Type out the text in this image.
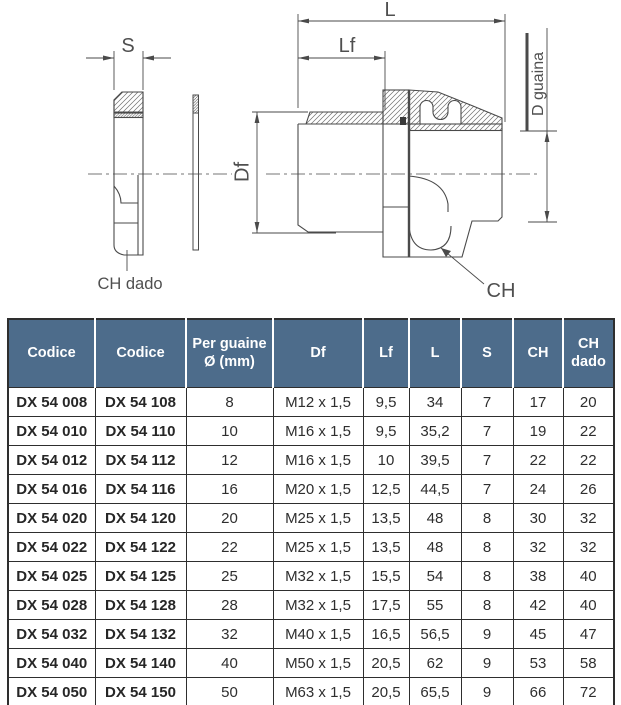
S
L
Lf
Df
D guaina
CH
CH dado
Codice	Codice	Per guaine Ø (mm)	Df	Lf	L	S	CH	CH dado
DX 54 008	DX 54 108	8	M12 x 1,5	9,5	34	7	17	20
DX 54 010	DX 54 110	10	M16 x 1,5	9,5	35,2	7	19	22
DX 54 012	DX 54 112	12	M16 x 1,5	10	39,5	7	22	22
DX 54 016	DX 54 116	16	M20 x 1,5	12,5	44,5	7	24	26
DX 54 020	DX 54 120	20	M25 x 1,5	13,5	48	8	30	32
DX 54 022	DX 54 122	22	M25 x 1,5	13,5	48	8	32	32
DX 54 025	DX 54 125	25	M32 x 1,5	15,5	54	8	38	40
DX 54 028	DX 54 128	28	M32 x 1,5	17,5	55	8	42	40
DX 54 032	DX 54 132	32	M40 x 1,5	16,5	56,5	9	45	47
DX 54 040	DX 54 140	40	M50 x 1,5	20,5	62	9	53	58
DX 54 050	DX 54 150	50	M63 x 1,5	20,5	65,5	9	66	72
